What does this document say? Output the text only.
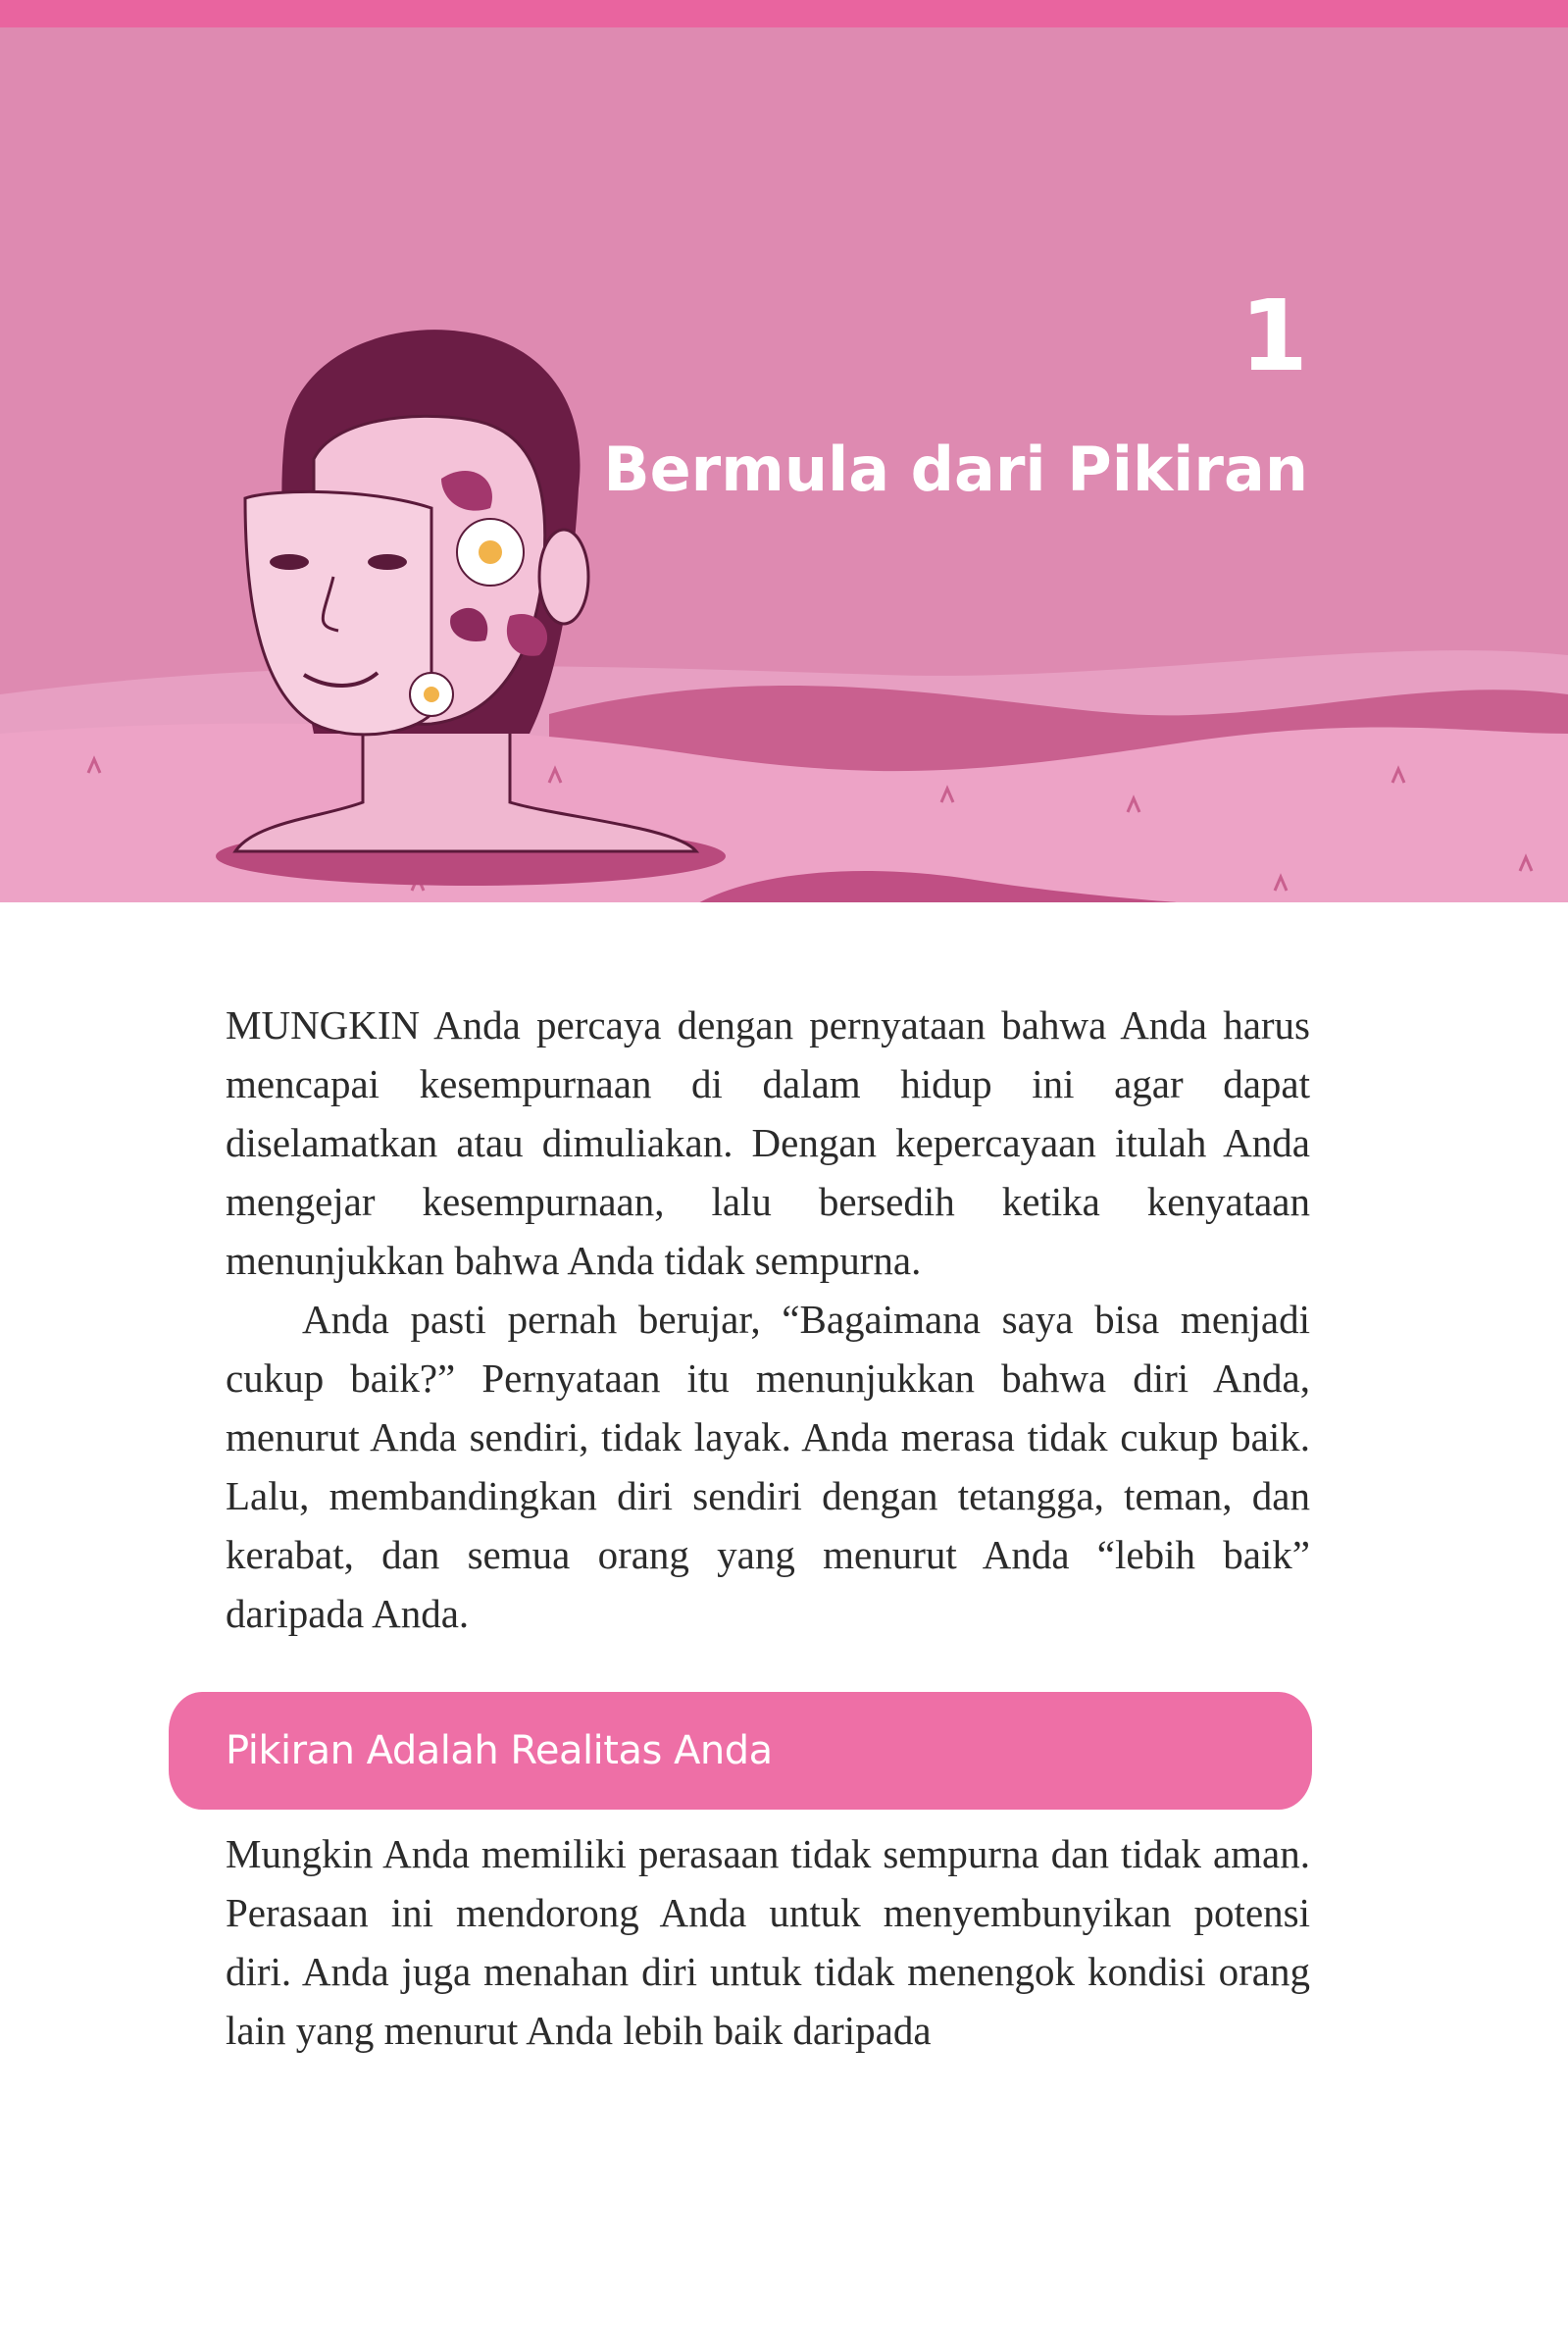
1
Bermula dari Pikiran

MUNGKIN Anda percaya dengan pernyataan bahwa Anda harus mencapai kesempurnaan di dalam hidup ini agar dapat diselamatkan atau dimuliakan. Dengan kepercayaan itulah Anda mengejar kesempurnaan, lalu bersedih ketika kenyataan menunjukkan bahwa Anda tidak sempurna.

Anda pasti pernah berujar, “Bagaimana saya bisa menjadi cukup baik?” Pernyataan itu menunjukkan bahwa diri Anda, menurut Anda sendiri, tidak layak. Anda merasa tidak cukup baik. Lalu, membandingkan diri sendiri dengan tetangga, teman, dan kerabat, dan semua orang yang menurut Anda “lebih baik” daripada Anda.

Pikiran Adalah Realitas Anda

Mungkin Anda memiliki perasaan tidak sempurna dan tidak aman. Perasaan ini mendorong Anda untuk menyembunyikan potensi diri. Anda juga menahan diri untuk tidak menengok kondisi orang lain yang menurut Anda lebih baik daripada
